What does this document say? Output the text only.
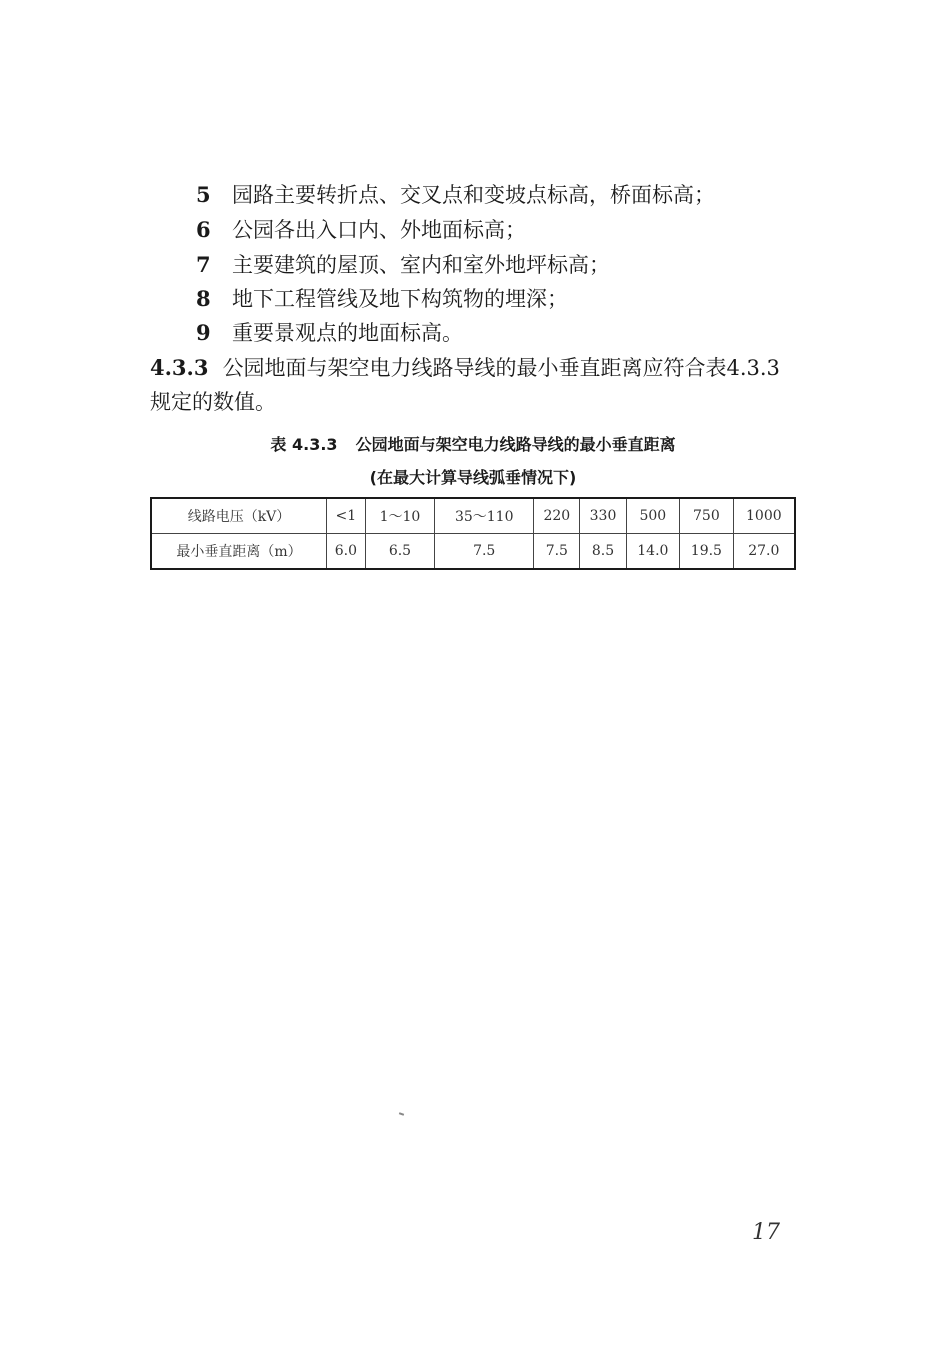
5 园路主要转折点、交叉点和变坡点标高，桥面标高；
6 公园各出入口内、外地面标高；
7 主要建筑的屋顶、室内和室外地坪标高；
8 地下工程管线及地下构筑物的埋深；
9 重要景观点的地面标高。
4.3.3 公园地面与架空电力线路导线的最小垂直距离应符合表4.3.3规定的数值。
表 4.3.3 公园地面与架空电力线路导线的最小垂直距离
(在最大计算导线弧垂情况下)
线路电压（kV）	<1	1～10	35～110	220	330	500	750	1000
最小垂直距离（m）	6.0	6.5	7.5	7.5	8.5	14.0	19.5	27.0
17
